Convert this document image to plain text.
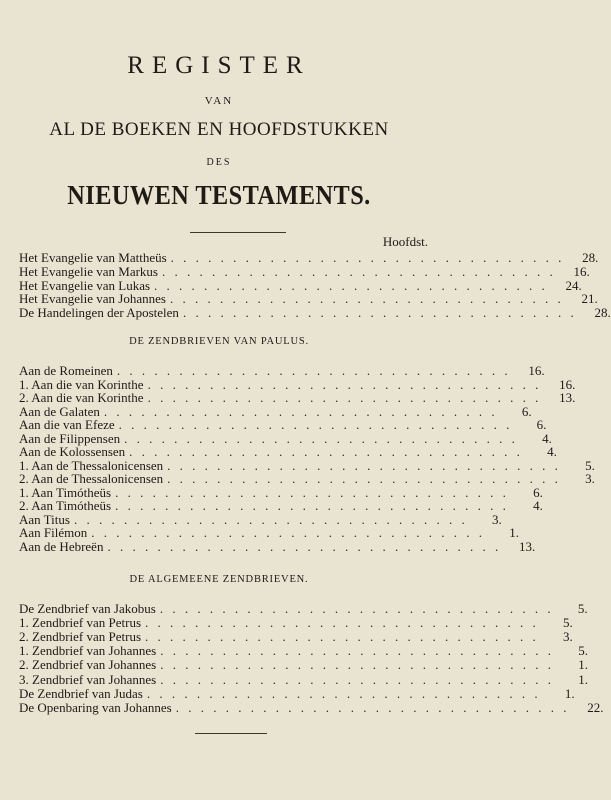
REGISTER
VAN
AL DE BOEKEN EN HOOFDSTUKKEN
DES
NIEUWEN TESTAMENTS.
Hoofdst.
Het Evangelie van Mattheüs . . . . . . . . . . . . . . . . . . . . . . . . . . . . . . . .	28.
Het Evangelie van Markus . . . . . . . . . . . . . . . . . . . . . . . . . . . . . . . .	16.
Het Evangelie van Lukas . . . . . . . . . . . . . . . . . . . . . . . . . . . . . . . .	24.
Het Evangelie van Johannes . . . . . . . . . . . . . . . . . . . . . . . . . . . . . . . .	21.
De Handelingen der Apostelen . . . . . . . . . . . . . . . . . . . . . . . . . . . . . . . .	28.
DE ZENDBRIEVEN VAN PAULUS.
Aan de Romeinen . . . . . . . . . . . . . . . . . . . . . . . . . . . . . . . .	16.
1. Aan die van Korinthe . . . . . . . . . . . . . . . . . . . . . . . . . . . . . . . .	16.
2. Aan die van Korinthe . . . . . . . . . . . . . . . . . . . . . . . . . . . . . . . .	13.
Aan de Galaten . . . . . . . . . . . . . . . . . . . . . . . . . . . . . . . .	6.
Aan die van Efeze . . . . . . . . . . . . . . . . . . . . . . . . . . . . . . . .	6.
Aan de Filippensen . . . . . . . . . . . . . . . . . . . . . . . . . . . . . . . .	4.
Aan de Kolossensen . . . . . . . . . . . . . . . . . . . . . . . . . . . . . . . .	4.
1. Aan de Thessalonicensen . . . . . . . . . . . . . . . . . . . . . . . . . . . . . . . .	5.
2. Aan de Thessalonicensen . . . . . . . . . . . . . . . . . . . . . . . . . . . . . . . .	3.
1. Aan Timótheüs . . . . . . . . . . . . . . . . . . . . . . . . . . . . . . . .	6.
2. Aan Timótheüs . . . . . . . . . . . . . . . . . . . . . . . . . . . . . . . .	4.
Aan Titus . . . . . . . . . . . . . . . . . . . . . . . . . . . . . . . .	3.
Aan Filémon . . . . . . . . . . . . . . . . . . . . . . . . . . . . . . . .	1.
Aan de Hebreën . . . . . . . . . . . . . . . . . . . . . . . . . . . . . . . .	13.
DE ALGEMEENE ZENDBRIEVEN.
De Zendbrief van Jakobus . . . . . . . . . . . . . . . . . . . . . . . . . . . . . . . .	5.
1. Zendbrief van Petrus . . . . . . . . . . . . . . . . . . . . . . . . . . . . . . . .	5.
2. Zendbrief van Petrus . . . . . . . . . . . . . . . . . . . . . . . . . . . . . . . .	3.
1. Zendbrief van Johannes . . . . . . . . . . . . . . . . . . . . . . . . . . . . . . . .	5.
2. Zendbrief van Johannes . . . . . . . . . . . . . . . . . . . . . . . . . . . . . . . .	1.
3. Zendbrief van Johannes . . . . . . . . . . . . . . . . . . . . . . . . . . . . . . . .	1.
De Zendbrief van Judas . . . . . . . . . . . . . . . . . . . . . . . . . . . . . . . .	1.
De Openbaring van Johannes . . . . . . . . . . . . . . . . . . . . . . . . . . . . . . . .	22.
